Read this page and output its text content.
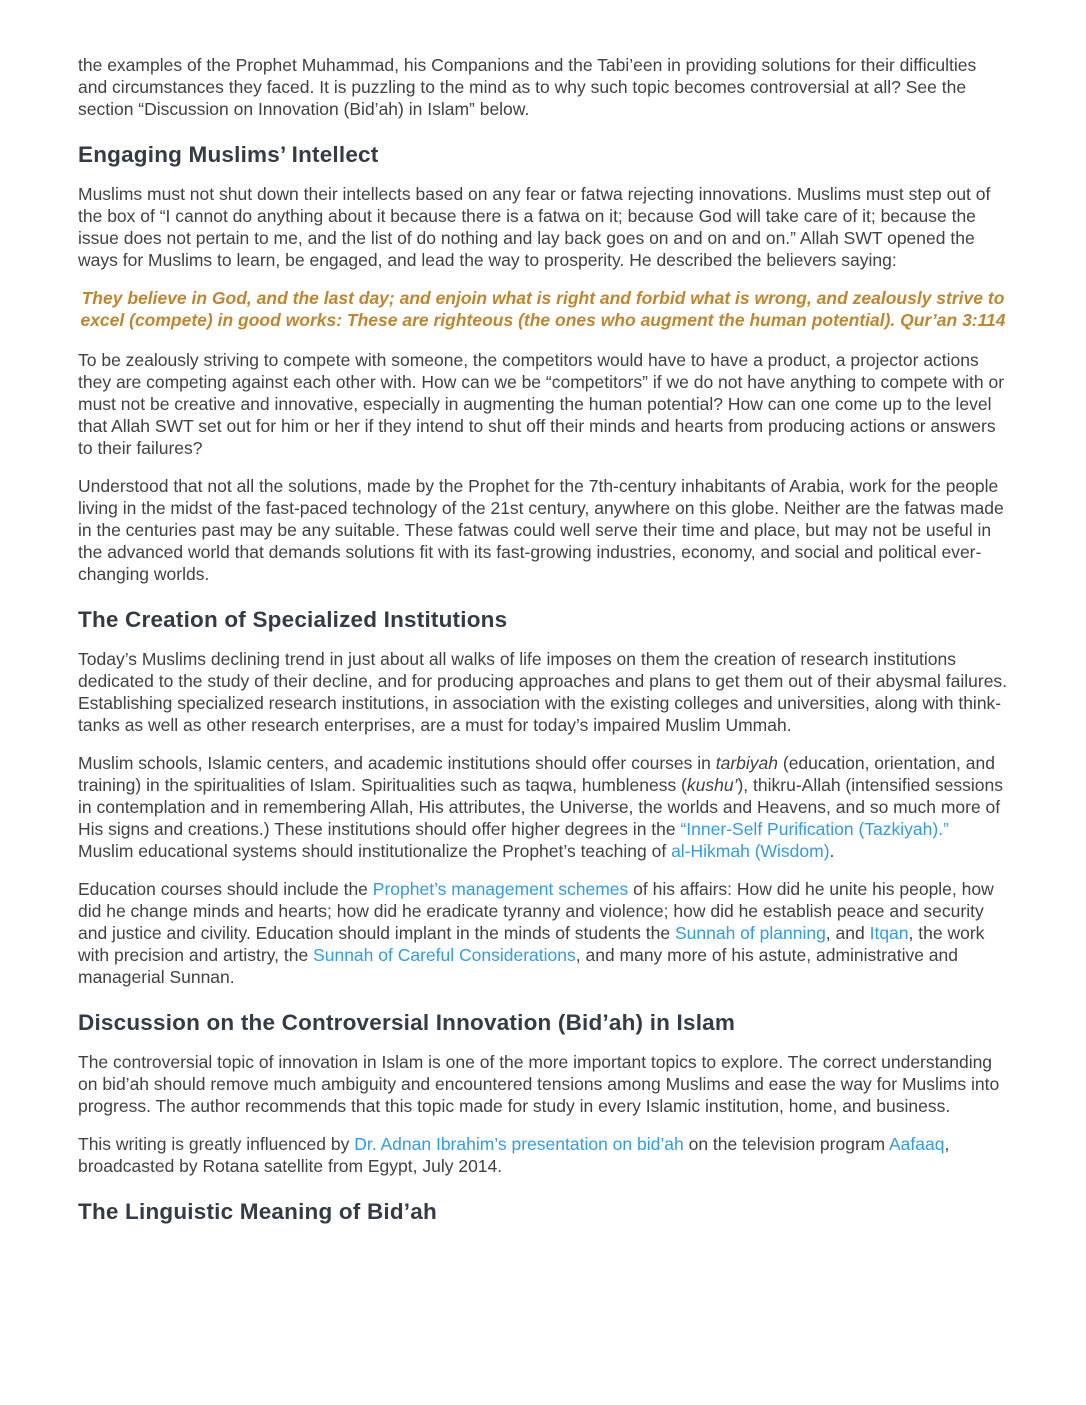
the examples of the Prophet Muhammad, his Companions and the Tabi’een in providing solutions for their difficulties and circumstances they faced. It is puzzling to the mind as to why such topic becomes controversial at all? See the section “Discussion on Innovation (Bid’ah) in Islam” below.

Engaging Muslims’ Intellect

Muslims must not shut down their intellects based on any fear or fatwa rejecting innovations. Muslims must step out of the box of “I cannot do anything about it because there is a fatwa on it; because God will take care of it; because the issue does not pertain to me, and the list of do nothing and lay back goes on and on and on.” Allah SWT opened the ways for Muslims to learn, be engaged, and lead the way to prosperity. He described the believers saying:

They believe in God, and the last day; and enjoin what is right and forbid what is wrong, and zealously strive to excel (compete) in good works: These are righteous (the ones who augment the human potential). Qur’an 3:114

To be zealously striving to compete with someone, the competitors would have to have a product, a projector actions they are competing against each other with. How can we be “competitors” if we do not have anything to compete with or must not be creative and innovative, especially in augmenting the human potential? How can one come up to the level that Allah SWT set out for him or her if they intend to shut off their minds and hearts from producing actions or answers to their failures?

Understood that not all the solutions, made by the Prophet for the 7th-century inhabitants of Arabia, work for the people living in the midst of the fast-paced technology of the 21st century, anywhere on this globe. Neither are the fatwas made in the centuries past may be any suitable. These fatwas could well serve their time and place, but may not be useful in the advanced world that demands solutions fit with its fast-growing industries, economy, and social and political ever-changing worlds.

The Creation of Specialized Institutions

Today’s Muslims declining trend in just about all walks of life imposes on them the creation of research institutions dedicated to the study of their decline, and for producing approaches and plans to get them out of their abysmal failures. Establishing specialized research institutions, in association with the existing colleges and universities, along with think-tanks as well as other research enterprises, are a must for today’s impaired Muslim Ummah.

Muslim schools, Islamic centers, and academic institutions should offer courses in tarbiyah (education, orientation, and training) in the spiritualities of Islam. Spiritualities such as taqwa, humbleness (kushu’), thikru-Allah (intensified sessions in contemplation and in remembering Allah, His attributes, the Universe, the worlds and Heavens, and so much more of His signs and creations.) These institutions should offer higher degrees in the “Inner-Self Purification (Tazkiyah).” Muslim educational systems should institutionalize the Prophet’s teaching of al-Hikmah (Wisdom).

Education courses should include the Prophet’s management schemes of his affairs: How did he unite his people, how did he change minds and hearts; how did he eradicate tyranny and violence; how did he establish peace and security and justice and civility. Education should implant in the minds of students the Sunnah of planning, and Itqan, the work with precision and artistry, the Sunnah of Careful Considerations, and many more of his astute, administrative and managerial Sunnan.

Discussion on the Controversial Innovation (Bid’ah) in Islam

The controversial topic of innovation in Islam is one of the more important topics to explore. The correct understanding on bid’ah should remove much ambiguity and encountered tensions among Muslims and ease the way for Muslims into progress. The author recommends that this topic made for study in every Islamic institution, home, and business.

This writing is greatly influenced by Dr. Adnan Ibrahim’s presentation on bid’ah on the television program Aafaaq, broadcasted by Rotana satellite from Egypt, July 2014.

The Linguistic Meaning of Bid’ah
